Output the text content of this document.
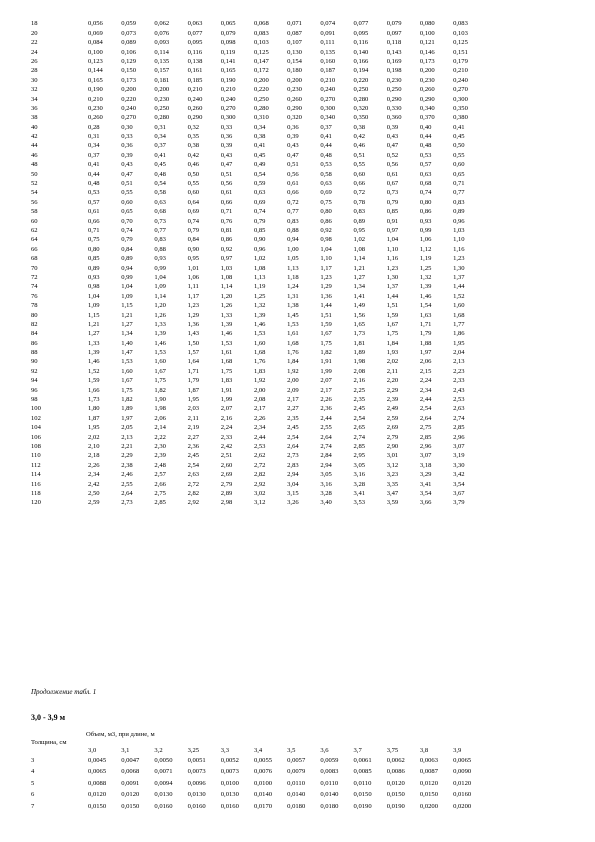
18	0,056	0,059	0,062	0,063	0,065	0,068	0,071	0,074	0,077	0,079	0,080	0,083
20	0,069	0,073	0,076	0,077	0,079	0,083	0,087	0,091	0,095	0,097	0,100	0,103
22	0,084	0,089	0,093	0,095	0,098	0,103	0,107	0,111	0,116	0,118	0,121	0,125
24	0,100	0,106	0,114	0,116	0,119	0,125	0,130	0,135	0,140	0,143	0,146	0,151
26	0,123	0,129	0,135	0,138	0,141	0,147	0,154	0,160	0,166	0,169	0,173	0,179
28	0,144	0,150	0,157	0,161	0,165	0,172	0,180	0,187	0,194	0,198	0,200	0,210
30	0,165	0,173	0,181	0,185	0,190	0,200	0,200	0,210	0,220	0,230	0,230	0,240
32	0,190	0,200	0,200	0,210	0,210	0,220	0,230	0,240	0,250	0,250	0,260	0,270
34	0,210	0,220	0,230	0,240	0,240	0,250	0,260	0,270	0,280	0,290	0,290	0,300
36	0,230	0,240	0,250	0,260	0,270	0,280	0,290	0,300	0,320	0,330	0,340	0,350
38	0,260	0,270	0,280	0,290	0,300	0,310	0,320	0,340	0,350	0,360	0,370	0,380
40	0,28	0,30	0,31	0,32	0,33	0,34	0,36	0,37	0,38	0,39	0,40	0,41
42	0,31	0,33	0,34	0,35	0,36	0,38	0,39	0,41	0,42	0,43	0,44	0,45
44	0,34	0,36	0,37	0,38	0,39	0,41	0,43	0,44	0,46	0,47	0,48	0,50
46	0,37	0,39	0,41	0,42	0,43	0,45	0,47	0,48	0,51	0,52	0,53	0,55
48	0,41	0,43	0,45	0,46	0,47	0,49	0,51	0,53	0,55	0,56	0,57	0,60
50	0,44	0,47	0,48	0,50	0,51	0,54	0,56	0,58	0,60	0,61	0,63	0,65
52	0,48	0,51	0,54	0,55	0,56	0,59	0,61	0,63	0,66	0,67	0,68	0,71
54	0,53	0,55	0,58	0,60	0,61	0,63	0,66	0,69	0,72	0,73	0,74	0,77
56	0,57	0,60	0,63	0,64	0,66	0,69	0,72	0,75	0,78	0,79	0,80	0,83
58	0,61	0,65	0,68	0,69	0,71	0,74	0,77	0,80	0,83	0,85	0,86	0,89
60	0,66	0,70	0,73	0,74	0,76	0,79	0,83	0,86	0,89	0,91	0,93	0,96
62	0,71	0,74	0,77	0,79	0,81	0,85	0,88	0,92	0,95	0,97	0,99	1,03
64	0,75	0,79	0,83	0,84	0,86	0,90	0,94	0,98	1,02	1,04	1,06	1,10
66	0,80	0,84	0,88	0,90	0,92	0,96	1,00	1,04	1,08	1,10	1,12	1,16
68	0,85	0,89	0,93	0,95	0,97	1,02	1,05	1,10	1,14	1,16	1,19	1,23
70	0,89	0,94	0,99	1,01	1,03	1,08	1,13	1,17	1,21	1,23	1,25	1,30
72	0,93	0,99	1,04	1,06	1,08	1,13	1,18	1,23	1,27	1,30	1,32	1,37
74	0,98	1,04	1,09	1,11	1,14	1,19	1,24	1,29	1,34	1,37	1,39	1,44
76	1,04	1,09	1,14	1,17	1,20	1,25	1,31	1,36	1,41	1,44	1,46	1,52
78	1,09	1,15	1,20	1,23	1,26	1,32	1,38	1,44	1,49	1,51	1,54	1,60
80	1,15	1,21	1,26	1,29	1,33	1,39	1,45	1,51	1,56	1,59	1,63	1,68
82	1,21	1,27	1,33	1,36	1,39	1,46	1,53	1,59	1,65	1,67	1,71	1,77
84	1,27	1,34	1,39	1,43	1,46	1,53	1,61	1,67	1,73	1,75	1,79	1,86
86	1,33	1,40	1,46	1,50	1,53	1,60	1,68	1,75	1,81	1,84	1,88	1,95
88	1,39	1,47	1,53	1,57	1,61	1,68	1,76	1,82	1,89	1,93	1,97	2,04
90	1,46	1,53	1,60	1,64	1,68	1,76	1,84	1,91	1,98	2,02	2,06	2,13
92	1,52	1,60	1,67	1,71	1,75	1,83	1,92	1,99	2,08	2,11	2,15	2,23
94	1,59	1,67	1,75	1,79	1,83	1,92	2,00	2,07	2,16	2,20	2,24	2,33
96	1,66	1,75	1,82	1,87	1,91	2,00	2,09	2,17	2,25	2,29	2,34	2,43
98	1,73	1,82	1,90	1,95	1,99	2,08	2,17	2,26	2,35	2,39	2,44	2,53
100	1,80	1,89	1,98	2,03	2,07	2,17	2,27	2,36	2,45	2,49	2,54	2,63
102	1,87	1,97	2,06	2,11	2,16	2,26	2,35	2,44	2,54	2,59	2,64	2,74
104	1,95	2,05	2,14	2,19	2,24	2,34	2,45	2,55	2,65	2,69	2,75	2,85
106	2,02	2,13	2,22	2,27	2,33	2,44	2,54	2,64	2,74	2,79	2,85	2,96
108	2,10	2,21	2,30	2,36	2,42	2,53	2,64	2,74	2,85	2,90	2,96	3,07
110	2,18	2,29	2,39	2,45	2,51	2,62	2,73	2,84	2,95	3,01	3,07	3,19
112	2,26	2,38	2,48	2,54	2,60	2,72	2,83	2,94	3,05	3,12	3,18	3,30
114	2,34	2,46	2,57	2,63	2,69	2,82	2,94	3,05	3,16	3,23	3,29	3,42
116	2,42	2,55	2,66	2,72	2,79	2,92	3,04	3,16	3,28	3,35	3,41	3,54
118	2,50	2,64	2,75	2,82	2,89	3,02	3,15	3,28	3,41	3,47	3,54	3,67
120	2,59	2,73	2,85	2,92	2,98	3,12	3,26	3,40	3,53	3,59	3,66	3,79
Продолжение табл. 1
3,0 - 3,9 м
Объем, м3, при длине, м
Толщина, см
	3,0	3,1	3,2	3,25	3,3	3,4	3,5	3,6	3,7	3,75	3,8	3,9
3	0,0045	0,0047	0,0050	0,0051	0,0052	0,0055	0,0057	0,0059	0,0061	0,0062	0,0063	0,0065
4	0,0065	0,0068	0,0071	0,0073	0,0073	0,0076	0,0079	0,0083	0,0085	0,0086	0,0087	0,0090
5	0,0088	0,0091	0,0094	0,0096	0,0100	0,0100	0,0110	0,0110	0,0110	0,0120	0,0120	0,0120
6	0,0120	0,0120	0,0130	0,0130	0,0130	0,0140	0,0140	0,0140	0,0150	0,0150	0,0150	0,0160
7	0,0150	0,0150	0,0160	0,0160	0,0160	0,0170	0,0180	0,0180	0,0190	0,0190	0,0200	0,0200
